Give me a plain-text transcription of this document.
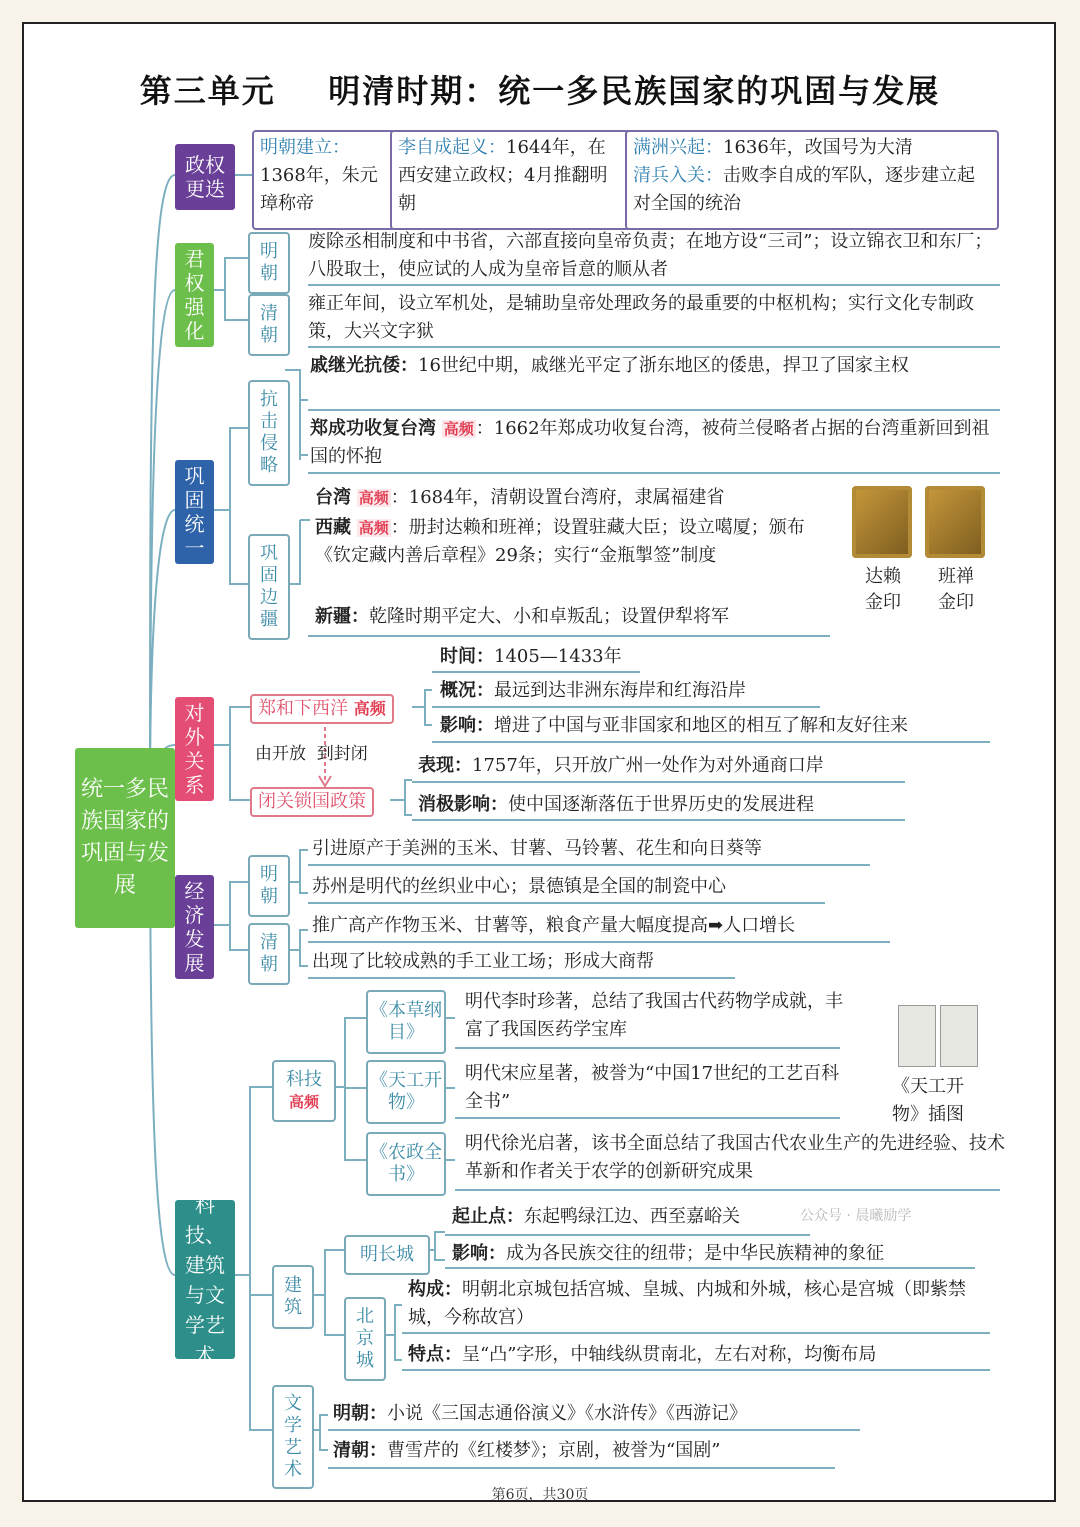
第三单元    明清时期：统一多民族国家的巩固与发展
统一多民族国家的巩固与发展
政权更迭
明朝建立：1368年，朱元璋称帝
李自成起义：1644年，在西安建立政权；4月推翻明朝
满洲兴起：1636年，改国号为大清
清兵入关：击败李自成的军队，逐步建立起对全国的统治
君权强化
明朝
清朝
废除丞相制度和中书省，六部直接向皇帝负责；在地方设“三司”；设立锦衣卫和东厂；八股取士，使应试的人成为皇帝旨意的顺从者
雍正年间，设立军机处，是辅助皇帝处理政务的最重要的中枢机构；实行文化专制政策，大兴文字狱
巩固统一
抗击侵略
巩固边疆
戚继光抗倭：16世纪中期，戚继光平定了浙东地区的倭患，捍卫了国家主权
郑成功收复台湾 高频 ：1662年郑成功收复台湾，被荷兰侵略者占据的台湾重新回到祖国的怀抱
台湾 高频 ：1684年，清朝设置台湾府，隶属福建省
西藏 高频 ：册封达赖和班禅；设置驻藏大臣；设立噶厦；颁布《钦定藏内善后章程》29条；实行“金瓶掣签”制度
新疆：乾隆时期平定大、小和卓叛乱；设置伊犁将军
达赖金印
班禅金印
对外关系
郑和下西洋 高频
时间：1405—1433年
概况：最远到达非洲东海岸和红海沿岸
影响：增进了中国与亚非国家和地区的相互了解和友好往来
由开放  到封闭
闭关锁国政策
表现：1757年，只开放广州一处作为对外通商口岸
消极影响：使中国逐渐落伍于世界历史的发展进程
经济发展
明朝
清朝
引进原产于美洲的玉米、甘薯、马铃薯、花生和向日葵等
苏州是明代的丝织业中心；景德镇是全国的制瓷中心
推广高产作物玉米、甘薯等，粮食产量大幅度提高➡人口增长
出现了比较成熟的手工业工场；形成大商帮
科技、建筑与文学艺术
科技
高频
《本草纲目》
《天工开物》
《农政全书》
明代李时珍著，总结了我国古代药物学成就，丰富了我国医药学宝库
明代宋应星著，被誉为“中国17世纪的工艺百科全书”
明代徐光启著，该书全面总结了我国古代农业生产的先进经验、技术革新和作者关于农学的创新研究成果
《天工开物》插图
公众号 · 晨曦励学
建筑
明长城
北京城
起止点：东起鸭绿江边、西至嘉峪关
影响：成为各民族交往的纽带；是中华民族精神的象征
构成：明朝北京城包括宫城、皇城、内城和外城，核心是宫城（即紫禁城，今称故宫）
特点：呈“凸”字形，中轴线纵贯南北，左右对称，均衡布局
文学艺术
明朝：小说《三国志通俗演义》《水浒传》《西游记》
清朝：曹雪芹的《红楼梦》；京剧，被誉为“国剧”
第6页，共30页
